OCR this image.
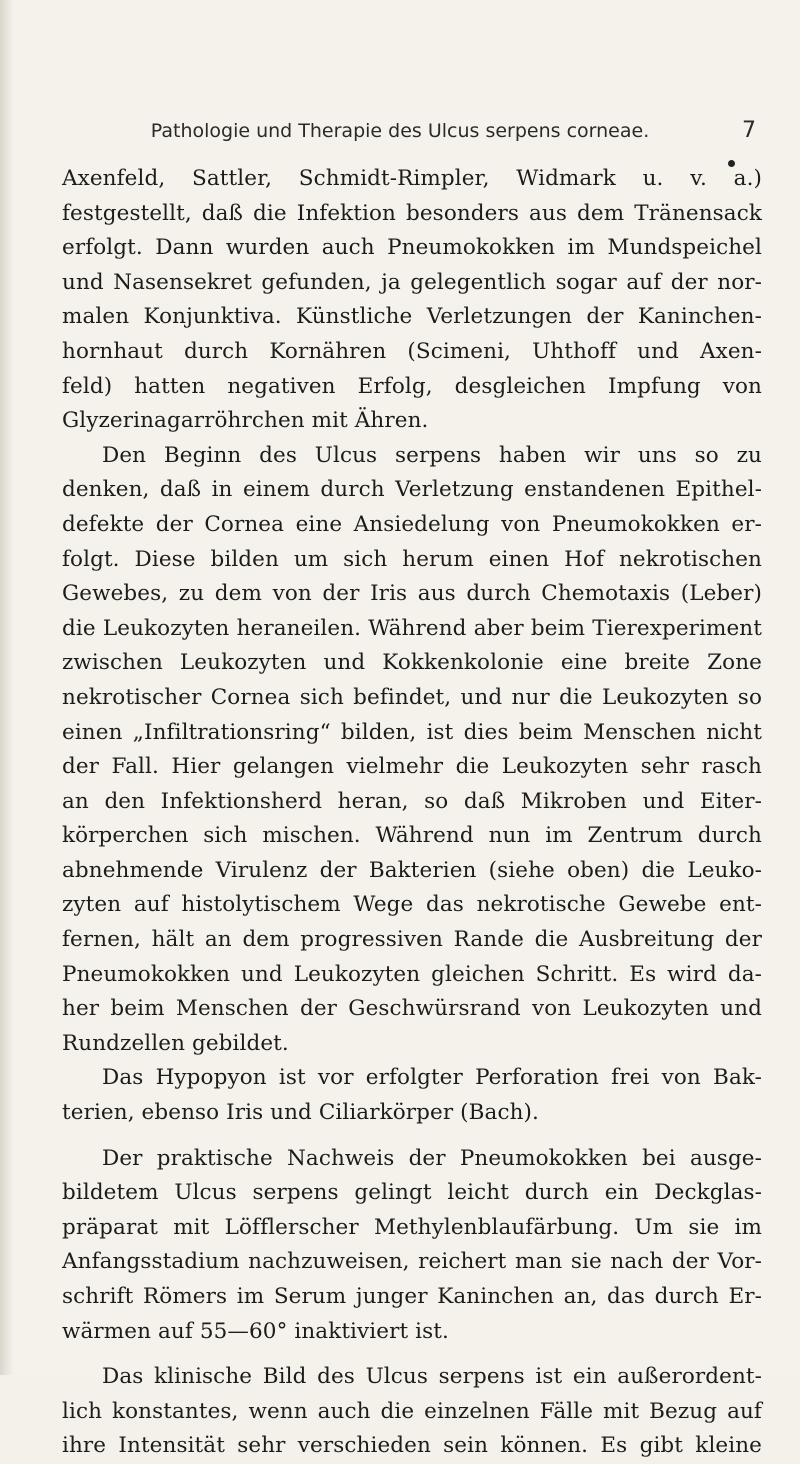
Pathologie und Therapie des Ulcus serpens corneae.	7
Axenfeld, Sattler, Schmidt-Rimpler, Widmark u. v. a.)
festgestellt, daß die Infektion besonders aus dem Tränensack
erfolgt. Dann wurden auch Pneumokokken im Mundspeichel
und Nasensekret gefunden, ja gelegentlich sogar auf der nor-
malen Konjunktiva. Künstliche Verletzungen der Kaninchen-
hornhaut durch Kornähren (Scimeni, Uhthoff und Axen-
feld) hatten negativen Erfolg, desgleichen Impfung von
Glyzerinagarröhrchen mit Ähren.
Den Beginn des Ulcus serpens haben wir uns so zu
denken, daß in einem durch Verletzung enstandenen Epithel-
defekte der Cornea eine Ansiedelung von Pneumokokken er-
folgt. Diese bilden um sich herum einen Hof nekrotischen
Gewebes, zu dem von der Iris aus durch Chemotaxis (Leber)
die Leukozyten heraneilen. Während aber beim Tierexperiment
zwischen Leukozyten und Kokkenkolonie eine breite Zone
nekrotischer Cornea sich befindet, und nur die Leukozyten so
einen „Infiltrationsring“ bilden, ist dies beim Menschen nicht
der Fall. Hier gelangen vielmehr die Leukozyten sehr rasch
an den Infektionsherd heran, so daß Mikroben und Eiter-
körperchen sich mischen. Während nun im Zentrum durch
abnehmende Virulenz der Bakterien (siehe oben) die Leuko-
zyten auf histolytischem Wege das nekrotische Gewebe ent-
fernen, hält an dem progressiven Rande die Ausbreitung der
Pneumokokken und Leukozyten gleichen Schritt. Es wird da-
her beim Menschen der Geschwürsrand von Leukozyten und
Rundzellen gebildet.
Das Hypopyon ist vor erfolgter Perforation frei von Bak-
terien, ebenso Iris und Ciliarkörper (Bach).
Der praktische Nachweis der Pneumokokken bei ausge-
bildetem Ulcus serpens gelingt leicht durch ein Deckglas-
präparat mit Löfflerscher Methylenblaufärbung. Um sie im
Anfangsstadium nachzuweisen, reichert man sie nach der Vor-
schrift Römers im Serum junger Kaninchen an, das durch Er-
wärmen auf 55—60° inaktiviert ist.
Das klinische Bild des Ulcus serpens ist ein außerordent-
lich konstantes, wenn auch die einzelnen Fälle mit Bezug auf
ihre Intensität sehr verschieden sein können. Es gibt kleine
